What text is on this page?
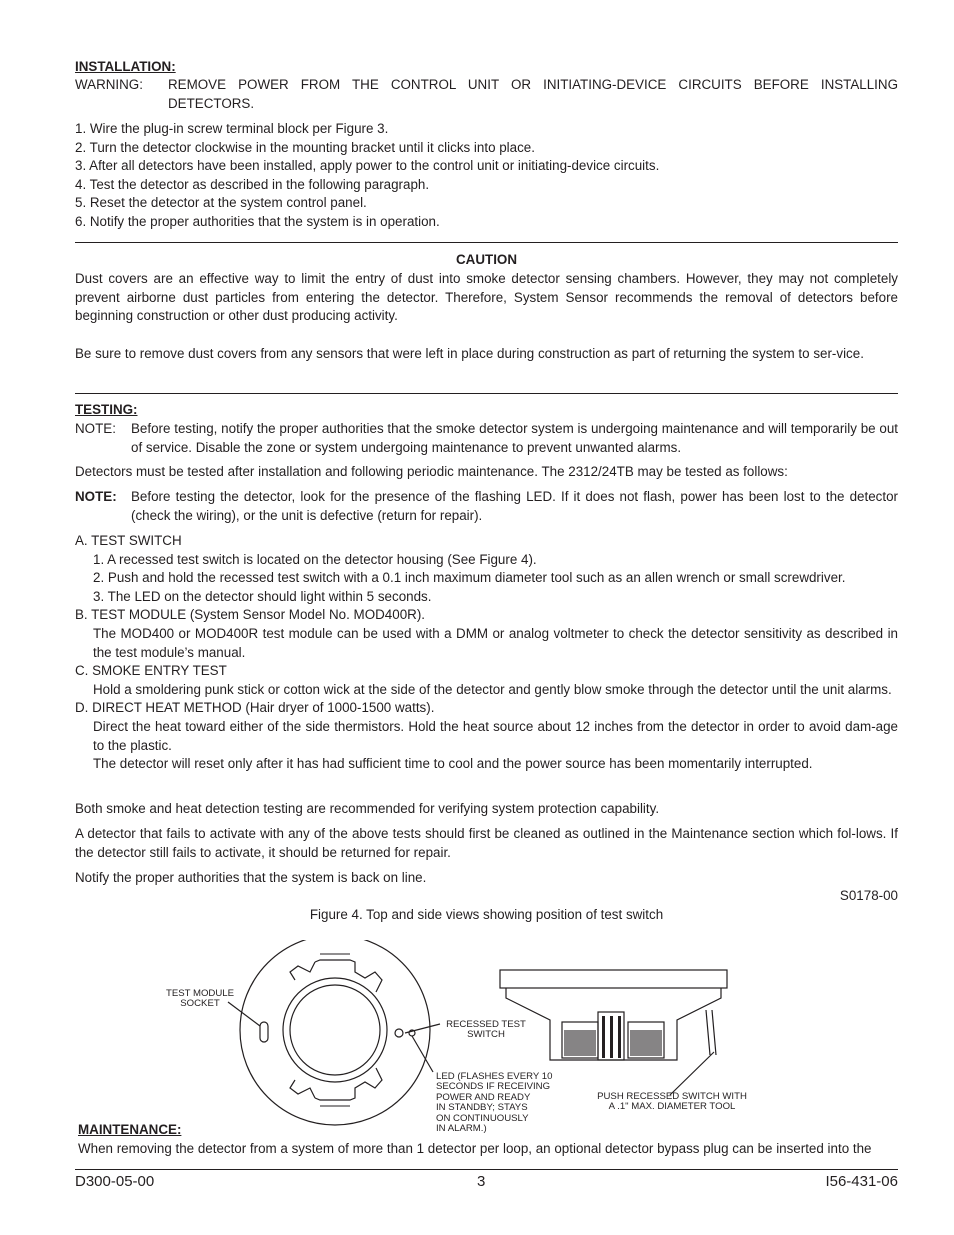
INSTALLATION:
WARNING:	REMOVE POWER FROM THE CONTROL UNIT OR INITIATING-DEVICE CIRCUITS BEFORE INSTALLING DETECTORS.
1. Wire the plug-in screw terminal block per Figure 3.
2. Turn the detector clockwise in the mounting bracket until it clicks into place.
3. After all detectors have been installed, apply power to the control unit or initiating-device circuits.
4. Test the detector as described in the following paragraph.
5. Reset the detector at the system control panel.
6. Notify the proper authorities that the system is in operation.
CAUTION
Dust covers are an effective way to limit the entry of dust into smoke detector sensing chambers. However, they may not completely prevent airborne dust particles from entering the detector. Therefore, System Sensor recommends the removal of detectors before beginning construction or other dust producing activity.
Be sure to remove dust covers from any sensors that were left in place during construction as part of returning the system to ser-vice.
TESTING:
NOTE:	Before testing, notify the proper authorities that the smoke detector system is undergoing maintenance and will temporarily be out of service. Disable the zone or system undergoing maintenance to prevent unwanted alarms.
Detectors must be tested after installation and following periodic maintenance. The 2312/24TB may be tested as follows:
NOTE:	Before testing the detector, look for the presence of the flashing LED. If it does not flash, power has been lost to the detector (check the wiring), or the unit is defective (return for repair).
A. TEST SWITCH
1. A recessed test switch is located on the detector housing (See Figure 4).
2. Push and hold the recessed test switch with a 0.1 inch maximum diameter tool such as an allen wrench or small screwdriver.
3. The LED on the detector should light within 5 seconds.
B. TEST MODULE (System Sensor Model No. MOD400R).
The MOD400 or MOD400R test module can be used with a DMM or analog voltmeter to check the detector sensitivity as described in the test module’s manual.
C. SMOKE ENTRY TEST
Hold a smoldering punk stick or cotton wick at the side of the detector and gently blow smoke through the detector until the unit alarms.
D. DIRECT HEAT METHOD (Hair dryer of 1000-1500 watts).
Direct the heat toward either of the side thermistors. Hold the heat source about 12 inches from the detector in order to avoid dam-age to the plastic.
The detector will reset only after it has had sufficient time to cool and the power source has been momentarily interrupted.
Both smoke and heat detection testing are recommended for verifying system protection capability.
A detector that fails to activate with any of the above tests should first be cleaned as outlined in the Maintenance section which fol-lows. If the detector still fails to activate, it should be returned for repair.
Notify the proper authorities that the system is back on line.
S0178-00
Figure 4. Top and side views showing position of test switch
TEST MODULE
SOCKET
RECESSED TEST
SWITCH
LED (FLASHES EVERY 10
SECONDS IF RECEIVING
POWER AND READY
IN STANDBY; STAYS
ON CONTINUOUSLY
IN ALARM.)
PUSH RECESSED SWITCH WITH
A .1" MAX. DIAMETER TOOL
MAINTENANCE:
When removing the detector from a system of more than 1 detector per loop, an optional detector bypass plug can be inserted into the
D300-05-00	3	I56-431-06
